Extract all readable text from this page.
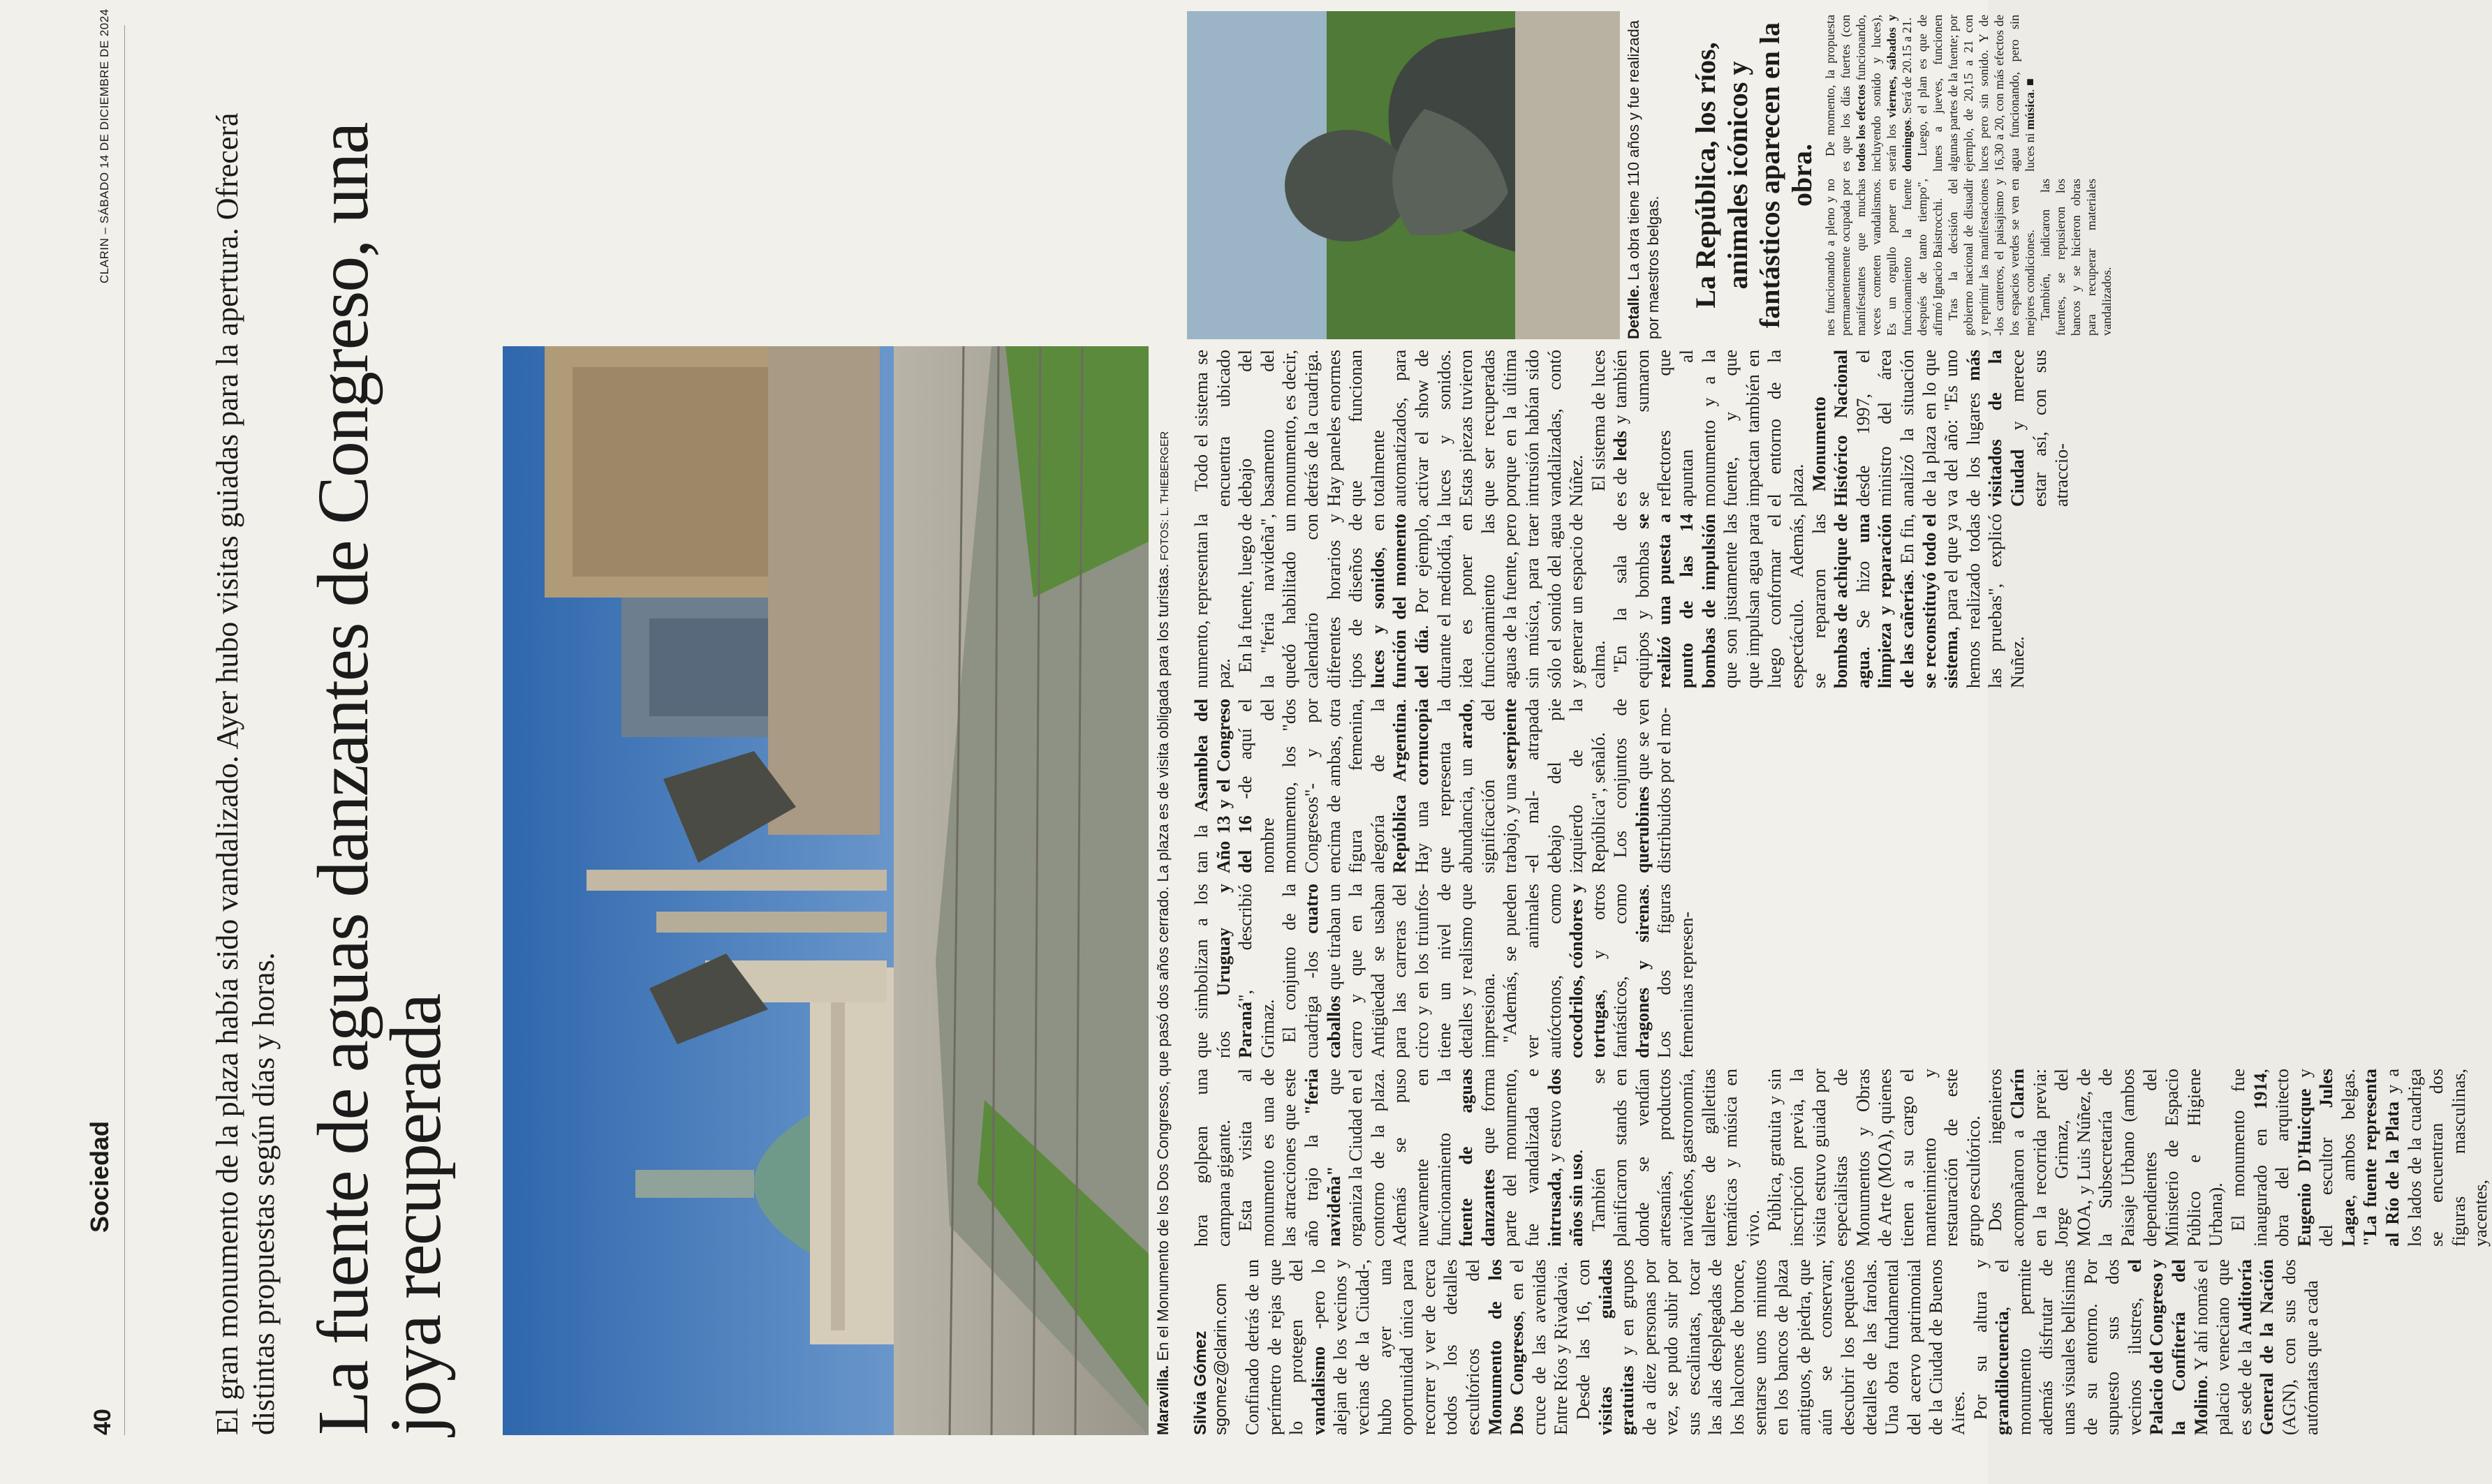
40
Sociedad
CLARIN – SÁBADO 14 DE DICIEMBRE DE 2024	El gran monumento de la plaza había sido vandalizado. Ayer hubo visitas guiadas para la apertura. Ofrecerá distintas propuestas según días y horas. La fuente de aguas danzantes de Congreso, una joya recuperada	Maravilla. En el Monumento de los Dos Congresos, que pasó dos años cerrado. La plaza es de visita obligada para los turistas. FOTOS: L. THIEBERGER
Detalle. La obra tiene 110 años y fue realizada por maestros belgas.
Silvia Gómez sgomez@clarin.com Confinado detrás de un perímetro de rejas que lo protegen del vandalismo -pero lo alejan de los vecinos y vecinas de la Ciudad-, hubo ayer una oportunidad única para recorrer y ver de cerca todos los detalles escultóricos del Monumento de los Dos Congresos, en el cruce de las avenidas Entre Ríos y Rivadavia. Desde las 16, con visitas guiadas gratuitas y en grupos de a diez personas por vez, se pudo subir por sus escalinatas, tocar las alas desplegadas de los halcones de bronce, sentarse unos minutos en los bancos de plaza antiguos, de piedra, que aún se conservan; descubrir los pequeños detalles de las farolas. Una obra fundamental del acervo patrimonial de la Ciudad de Buenos Aires. Por su altura y grandilocuencia, el monumento permite además disfrutar de unas visuales bellísimas de su entorno. Por supuesto sus dos vecinos ilustres, el Palacio del Congreso y la Confitería del Molino. Y ahí nomás el palacio veneciano que es sede de la Auditoría General de la Nación (AGN), con sus dos autómatas que a cada

hora golpean una campana gigante. Esta visita al monumento es una de las atracciones que este año trajo la "feria navideña" que organiza la Ciudad en el contorno de la plaza. Además se puso nuevamente en funcionamiento la fuente de aguas danzantes que forma parte del monumento, fue vandalizada e intrusada, y estuvo dos años sin uso. También se planificaron stands en donde se vendían artesanías, productos navideños, gastronomía, talleres de galletitas temáticas y música en vivo. Pública, gratuita y sin inscripción previa, la visita estuvo guiada por especialistas de Monumentos y Obras de Arte (MOA), quienes tienen a su cargo el mantenimiento y restauración de este grupo escultórico. Dos ingenieros acompañaron a Clarín en la recorrida previa: Jorge Grimaz, del MOA, y Luis Núñez, de la Subsecretaría de Paisaje Urbano (ambos dependientes del Ministerio de Espacio Público e Higiene Urbana). El monumento fue inaugurado en 1914, obra del arquitecto Eugenio D'Huicque y del escultor Jules Lagae, ambos belgas. "La fuente representa al Río de la Plata y a los lados de la cuadriga se encuentran dos figuras masculinas, yacentes,

que simbolizan a los ríos Uruguay y Paraná", describió Grimaz. El conjunto de la cuadriga -los cuatro caballos que tiraban un carro y que en la Antigüedad se usaban para las carreras del circo y en los triunfos- tiene un nivel de detalles y realismo que impresiona. "Además, se pueden ver animales autóctonos, como cocodrilos, cóndores y tortugas, y otros fantásticos, como dragones y sirenas. Los dos figuras femeninas represen-

tan la Asamblea del Año 13 y el Congreso del 16 -de aquí el nombre del monumento, los "dos Congresos"- y por encima de ambas, otra figura femenina, alegoría de la República Argentina. Hay una cornucopia que representa la abundancia, un arado, significación del trabajo, y una serpiente -el mal- atrapada debajo del pie izquierdo de la República", señaló. Los conjuntos de querubines que se ven distribuidos por el mo-

numento, representan la paz.

En la fuente, luego de la "feria navideña", quedó habilitado un calendario con diferentes horarios y tipos de diseños de luces y sonidos, en función del momento del día. Por ejemplo, durante el mediodía, la idea es poner en funcionamiento las aguas de la fuente, pero sin música, para traer sólo el sonido del agua y generar un espacio de calma. "En la sala de equipos y bombas se realizó una puesta a punto de las 14 bombas de impulsión que son justamente las que impulsan agua para luego conformar el espectáculo. Además, se repararon las bombas de achique de agua. Se hizo una limpieza y reparación de las cañerías. En fin, se reconstituyó todo el sistema, para el que ya hemos realizado todas las pruebas", explicó Nuñez.

Todo el sistema se encuentra ubicado debajo del basamento del monumento, es decir, detrás de la cuadriga. Hay paneles enormes que funcionan totalmente automatizados, para activar el show de luces y sonidos. Estas piezas tuvieron que ser recuperadas porque en la última intrusión habían sido vandalizadas, contó Núñez. El sistema de luces es de leds y también se sumaron reflectores que apuntan al monumento y a la fuente, y que impactan también en el entorno de la plaza. Monumento Histórico Nacional desde 1997, el ministro del área analizó la situación de la plaza en lo que va del año: "Es uno de los lugares más visitados de la Ciudad y merece estar así, con sus atraccio-

La República, los ríos, animales icónicos y fantásticos aparecen en la obra.

nes funcionando a pleno y no permanentemente ocupada por manifestantes que muchas veces cometen vandalismos. Es un orgullo poner en funcionamiento la fuente después de tanto tiempo", afirmó Ignacio Baistrocchi. Tras la decisión del gobierno nacional de disuadir y reprimir las manifestaciones -los canteros, el paisajismo y los espacios verdes se ven en mejores condiciones. También, indicaron las fuentes, se repusieron los bancos y se hicieron obras para recuperar materiales vandalizados.

De momento, la propuesta es que los días fuertes (con todos los efectos funcionando, incluyendo sonido y luces), serán los viernes, sábados y domingos. Será de 20.15 a 21. Luego, el plan es que de lunes a jueves, funcionen algunas partes de la fuente; por ejemplo, de 20,15 a 21 con luces pero sin sonido. Y de 16,30 a 20, con más efectos de agua funcionando, pero sin luces ni música. ■
